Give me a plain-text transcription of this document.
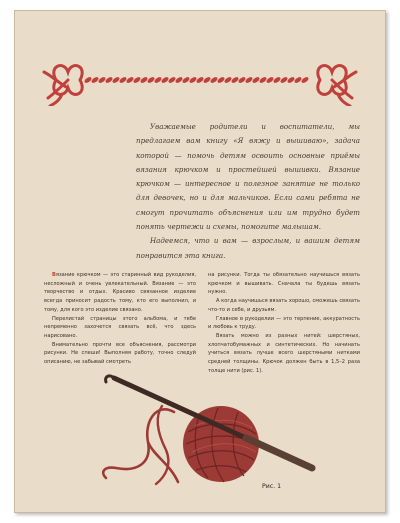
Уважаемые родители и воспитатели, мы предлагаем вам книгу «Я вяжу и вышиваю», задача которой — помочь детям освоить основные приёмы вязания крючком и простейшей вышивки. Вязание крючком — интересное и полезное занятие не только для девочек, но и для мальчиков. Если сами ребята не смогут прочитать объяснения или им трудно будет понять чертежи и схемы, помогите малышам.

Надеемся, что и вам — взрослым, и вашим детям понравится эта книга.

Вязание крючком — это старинный вид рукоделия, несложный и очень увлекательный. Вязание — это творчество и отдых. Красиво связанное изделие всегда приносит радость тому, кто его выполнил, и тому, для кого это изделие связано.

Перелистай страницы этого альбома, и тебе непременно захочется связать всё, что здесь нарисовано.

Внимательно прочти все объяснения, рассмотри рисунки. Не спеши! Выполняя работу, точно следуй описанию, не забывай смотреть

на рисунки. Тогда ты обязательно научишься вязать крючком и вышивать. Сначала ты будешь вязать нужно.

А когда научишься вязать хорошо, сможешь связать что-то и себе, и друзьям.

Главное в рукоделии — это терпение, аккуратность и любовь к труду.

Вязать можно из разных нитей: шерстяных, хлопчатобумажных и синтетических. Но начинать учиться вязать лучше всего шерстяными нитками средней толщины. Крючок должен быть в 1,5–2 раза толще нити (рис. 1).

Рис. 1
